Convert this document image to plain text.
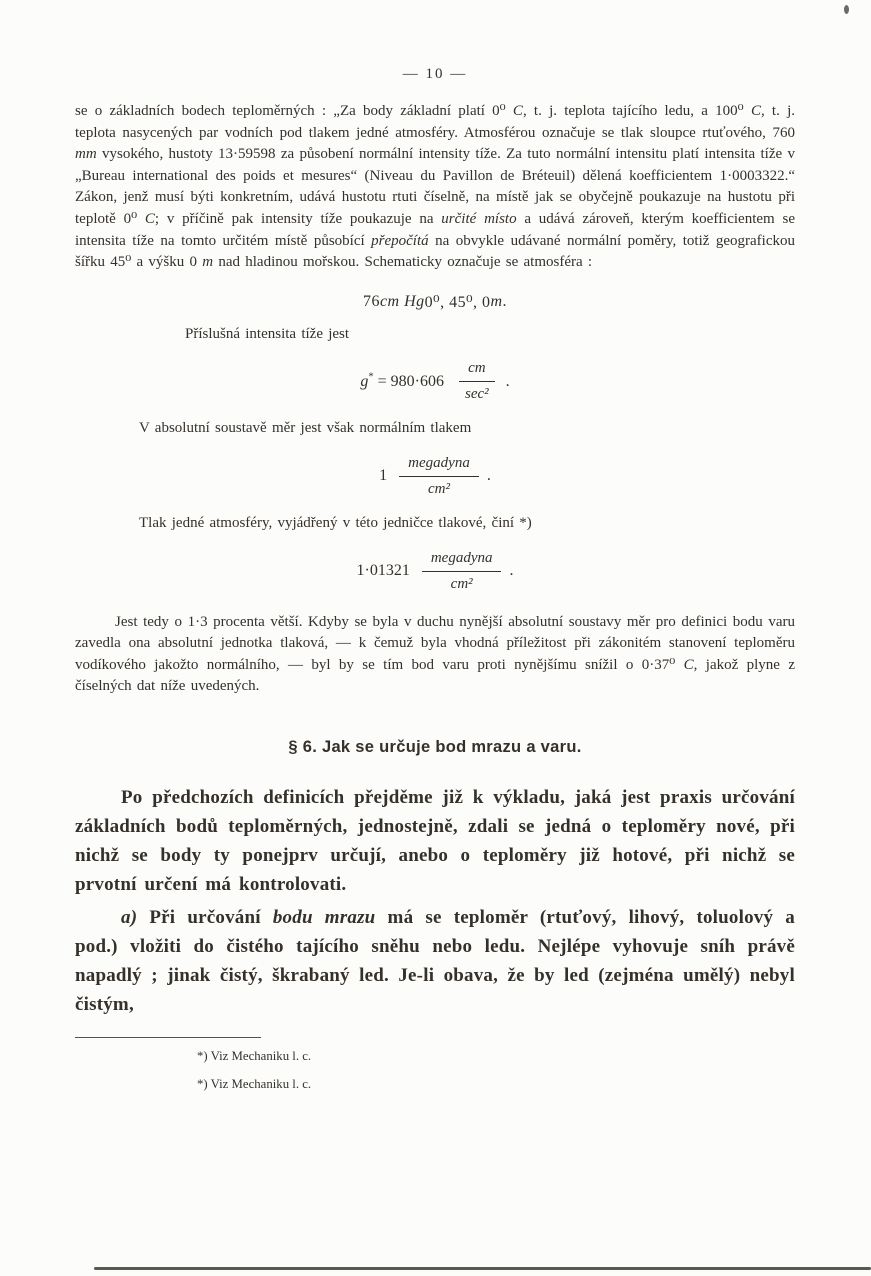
— 10 —

se o základních bodech teploměrných : „Za body základní platí 0⁰ C, t. j. teplota tajícího ledu, a 100⁰ C, t. j. teplota nasycených par vodních pod tlakem jedné atmosféry. Atmosférou označuje se tlak sloupce rtuťového, 760 mm vysokého, hustoty 13·59598 za působení normální intensity tíže. Za tuto normální intensitu platí intensita tíže v „Bureau international des poids et mesures“ (Niveau du Pavillon de Bréteuil) dělená koefficientem 1·0003322.“ Zákon, jenž musí býti konkretním, udává hustotu rtuti číselně, na místě jak se obyčejně poukazuje na hustotu při teplotě 0⁰ C; v příčině pak intensity tíže poukazuje na určité místo a udává zároveň, kterým koefficientem se intensita tíže na tomto určitém místě působící přepočítá na obvykle udávané normální poměry, totiž geografickou šířku 45⁰ a výšku 0 m nad hladinou mořskou. Schematicky označuje se atmosféra :

76 cm Hg 0⁰, 45⁰, 0 m .

Příslušná intensita tíže jest

$g^* = 980\cdot 606 \frac{cm}{\text{sec²}}$ .

V absolutní soustavě měr jest však normálním tlakem

$1 \frac{\text{megadyna}}{\text{cm²}}$ .

Tlak jedné atmosféry, vyjádřený v této jedničce tlakové, činí *)

$1\cdot 01321 \frac{\text{megadyna}}{\text{cm²}}$ .

Jest tedy o 1·3 procenta větší. Kdyby se byla v duchu nynější absolutní soustavy měr pro definici bodu varu zavedla ona absolutní jednotka tlaková, — k čemuž byla vhodná příležitost při zákonitém stanovení teploměru vodíkového jakožto normálního, — byl by se tím bod varu proti nynějšímu snížil o 0·37⁰ C, jakož plyne z číselných dat níže uvedených.

§ 6. Jak se určuje bod mrazu a varu.

Po předchozích definicích přejděme již k výkladu, jaká jest praxis určování základních bodů teploměrných, jednostejně, zdali se jedná o teploměry nové, při nichž se body ty ponejprv určují, anebo o teploměry již hotové, při nichž se prvotní určení má kontrolovati.

a) Při určování bodu mrazu má se teploměr (rtuťový, lihový, toluolový a pod.) vložiti do čistého tajícího sněhu nebo ledu. Nejlépe vyhovuje sníh právě napadlý ; jinak čistý, škrabaný led. Je-li obava, že by led (zejména umělý) nebyl čistým,

*) Viz Mechaniku l. c.

*) Viz Mechaniku l. c.
